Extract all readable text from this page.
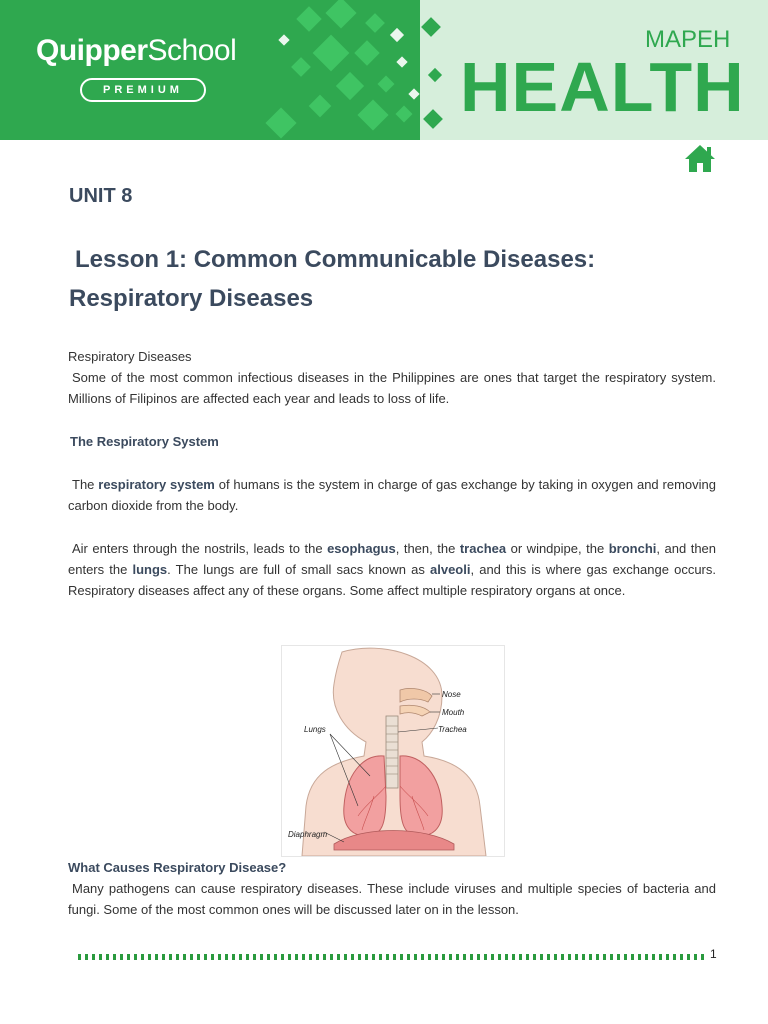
QuipperSchool
PREMIUM
MAPEH
HEALTH
UNIT 8
Lesson 1: Common Communicable Diseases:
Respiratory Diseases
Respiratory Diseases
Some of the most common infectious diseases in the Philippines are ones that target the respiratory system. Millions of Filipinos are affected each year and leads to loss of life.
The Respiratory System
The respiratory system of humans is the system in charge of gas exchange by taking in oxygen and removing carbon dioxide from the body.
Air enters through the nostrils, leads to the esophagus, then, the trachea or windpipe, the bronchi, and then enters the lungs. The lungs are full of small sacs known as alveoli, and this is where gas exchange occurs. Respiratory diseases affect any of these organs. Some affect multiple respiratory organs at once.
Nose
Mouth
Trachea
Lungs
Diaphragm
What Causes Respiratory Disease?
Many pathogens can cause respiratory diseases. These include viruses and multiple species of bacteria and fungi. Some of the most common ones will be discussed later on in the lesson.
1
